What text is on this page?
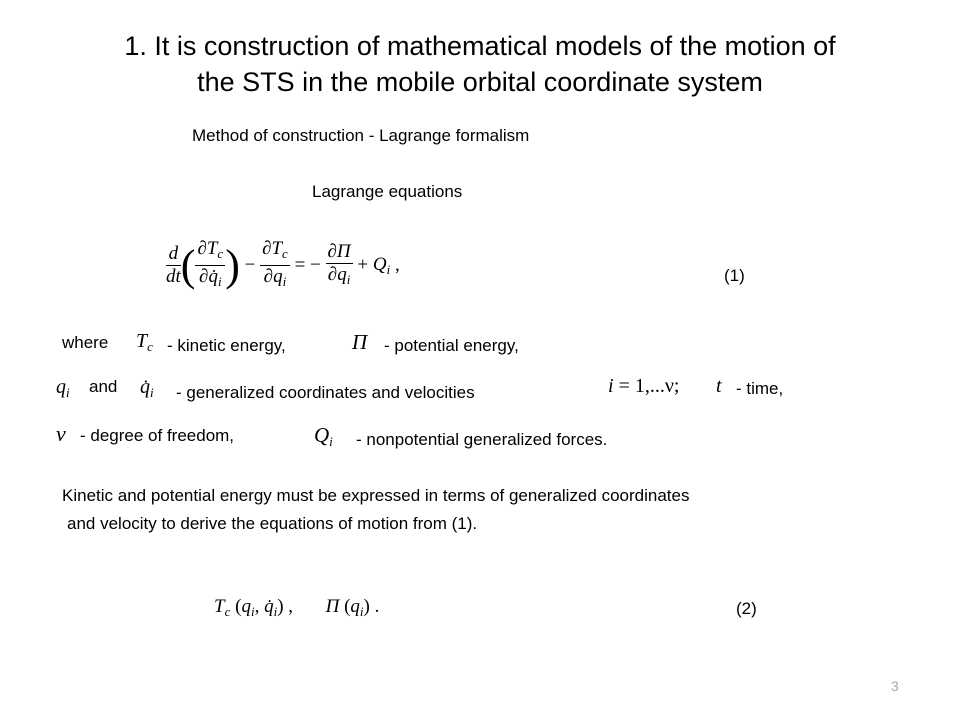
1. It is construction of mathematical models of the motion of
the STS in the mobile orbital coordinate system
Method of construction - Lagrange formalism
Lagrange equations
$\frac{d}{dt}$ ( $\frac{\partial T_c}{\partial q̇_i}$ ) − $\frac{\partial T_c}{\partial q_i}$ = − $\frac{\partial\Pi}{\partial q_i} + Q_i$ ,	(1)
where $T_c$ - kinetic energy,	Π - potential energy,
$q_i$ and $q̇_i$ - generalized coordinates and velocities	i = 1,...ν; t - time,
ν - degree of freedom,	$Q_i$ - nonpotential generalized forces.
Kinetic and potential energy must be expressed in terms of generalized coordinates
and velocity to derive the equations of motion from (1).
$T_c$ ($q_i$, $q̇_i$) , Π $(q_i)$ .	(2)
3
